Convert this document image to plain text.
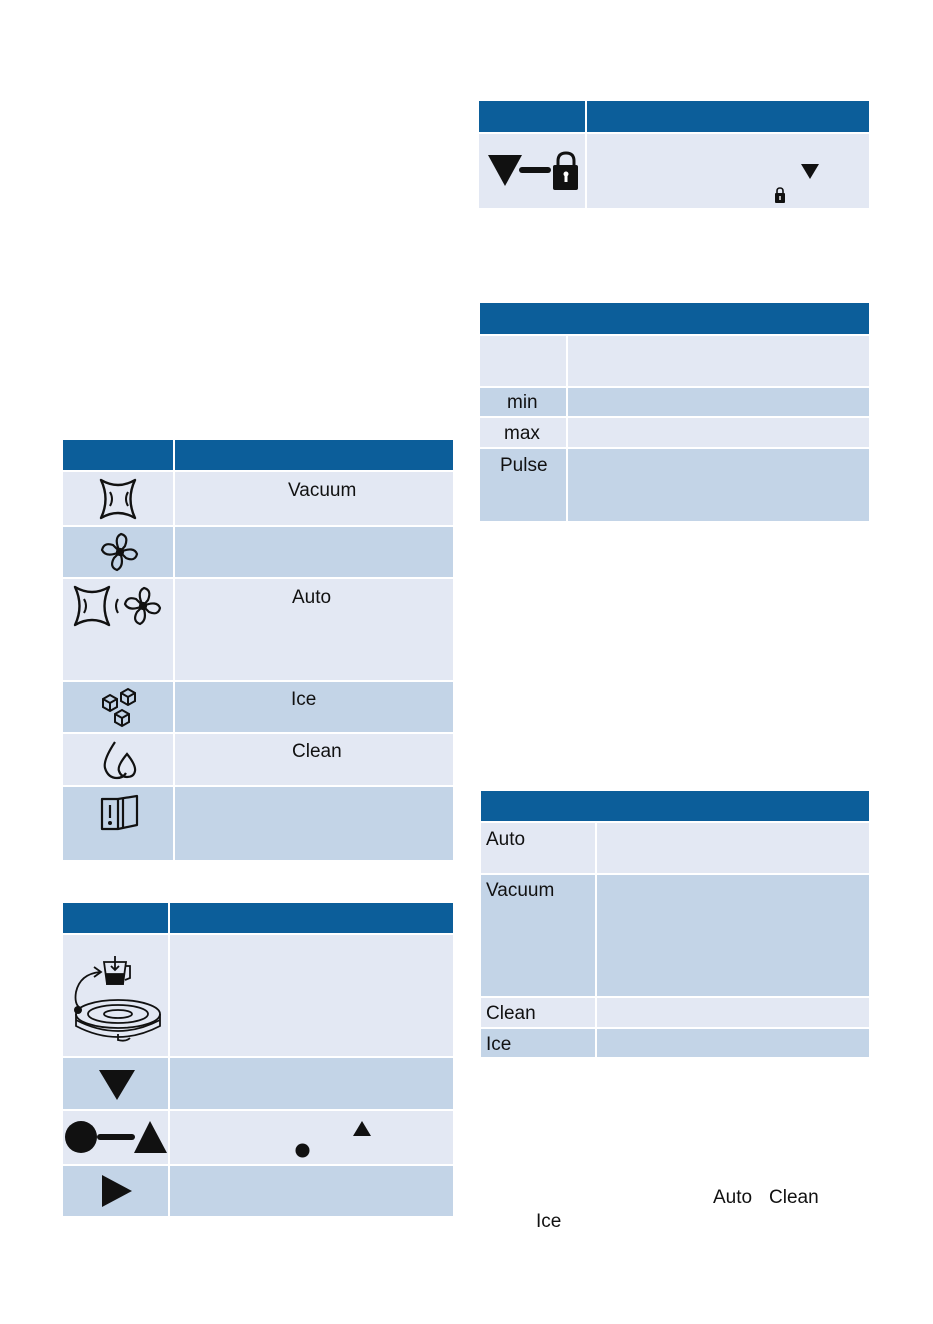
Vacuum
Auto
Ice
Clean
min
max
Pulse
Auto
Vacuum
Clean
Ice
Auto Clean
Ice
